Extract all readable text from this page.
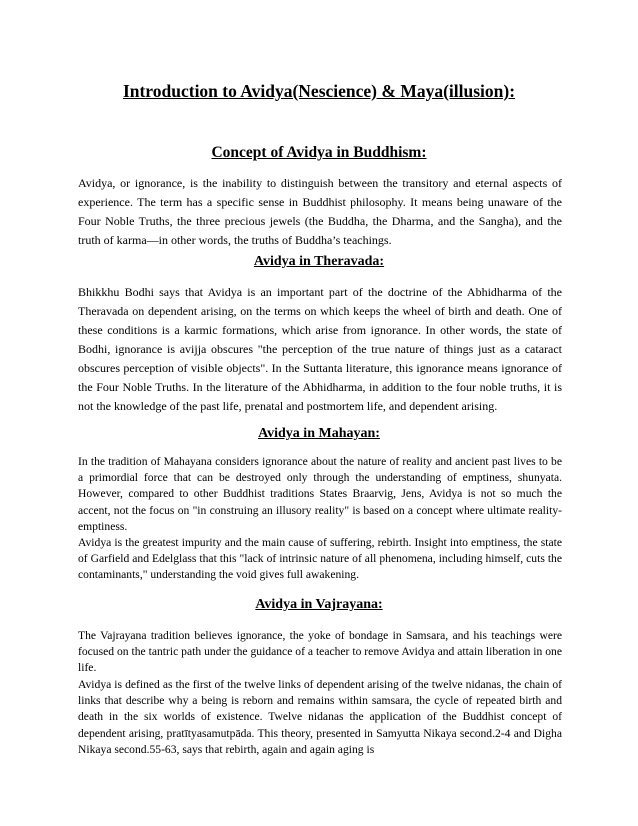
Introduction to Avidya(Nescience) & Maya(illusion):
Concept of Avidya in Buddhism:

Avidya, or ignorance, is the inability to distinguish between the transitory and eternal aspects of experience. The term has a specific sense in Buddhist philosophy. It means being unaware of the Four Noble Truths, the three precious jewels (the Buddha, the Dharma, and the Sangha), and the truth of karma—in other words, the truths of Buddha’s teachings.

Avidya in Theravada:

Bhikkhu Bodhi says that Avidya is an important part of the doctrine of the Abhidharma of the Theravada on dependent arising, on the terms on which keeps the wheel of birth and death. One of these conditions is a karmic formations, which arise from ignorance. In other words, the state of Bodhi, ignorance is avijja obscures "the perception of the true nature of things just as a cataract obscures perception of visible objects". In the Suttanta literature, this ignorance means ignorance of the Four Noble Truths. In the literature of the Abhidharma, in addition to the four noble truths, it is not the knowledge of the past life, prenatal and postmortem life, and dependent arising.

Avidya in Mahayan:

In the tradition of Mahayana considers ignorance about the nature of reality and ancient past lives to be a primordial force that can be destroyed only through the understanding of emptiness, shunyata. However, compared to other Buddhist traditions States Braarvig, Jens, Avidya is not so much the accent, not the focus on "in construing an illusory reality" is based on a concept where ultimate reality-emptiness.

Avidya is the greatest impurity and the main cause of suffering, rebirth. Insight into emptiness, the state of Garfield and Edelglass that this "lack of intrinsic nature of all phenomena, including himself, cuts the contaminants," understanding the void gives full awakening.

Avidya in Vajrayana:

The Vajrayana tradition believes ignorance, the yoke of bondage in Samsara, and his teachings were focused on the tantric path under the guidance of a teacher to remove Avidya and attain liberation in one life.

Avidya is defined as the first of the twelve links of dependent arising of the twelve nidanas, the chain of links that describe why a being is reborn and remains within samsara, the cycle of repeated birth and death in the six worlds of existence. Twelve nidanas the application of the Buddhist concept of dependent arising, pratītyasamutpāda. This theory, presented in Samyutta Nikaya second.2-4 and Digha Nikaya second.55-63, says that rebirth, again and again aging is
